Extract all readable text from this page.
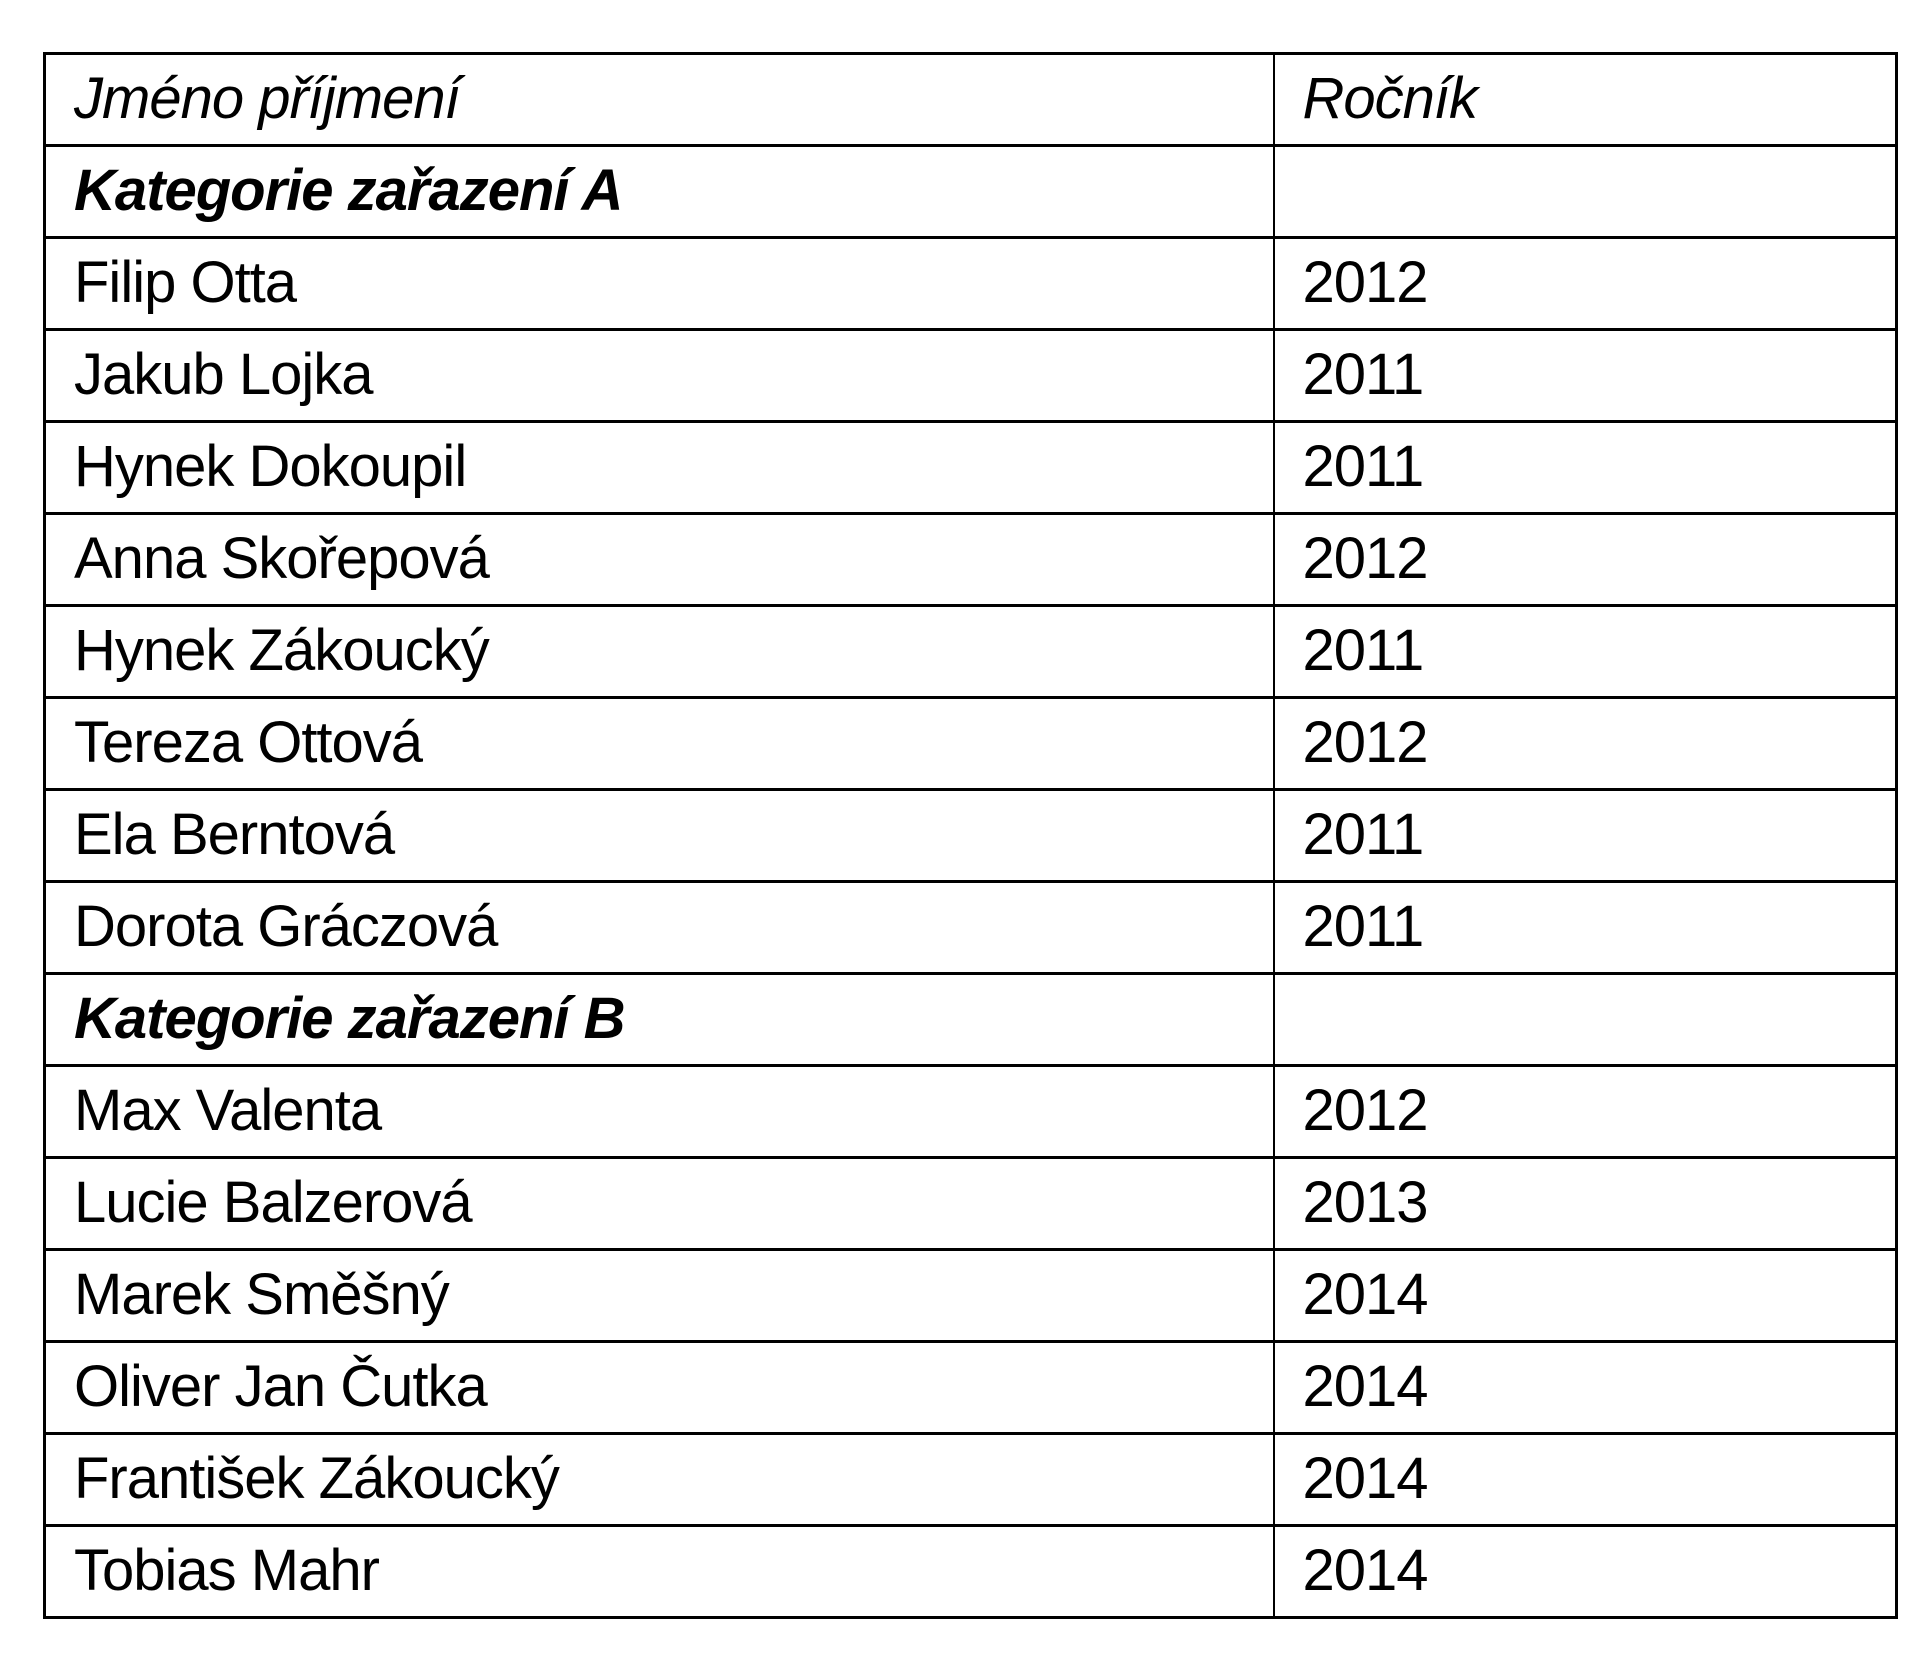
Jméno příjmení	Ročník
Kategorie zařazení A	
Filip Otta	2012
Jakub Lojka	2011
Hynek Dokoupil	2011
Anna Skořepová	2012
Hynek Zákoucký	2011
Tereza Ottová	2012
Ela Berntová	2011
Dorota Gráczová	2011
Kategorie zařazení B	
Max Valenta	2012
Lucie Balzerová	2013
Marek Směšný	2014
Oliver Jan Čutka	2014
František Zákoucký	2014
Tobias Mahr	2014
